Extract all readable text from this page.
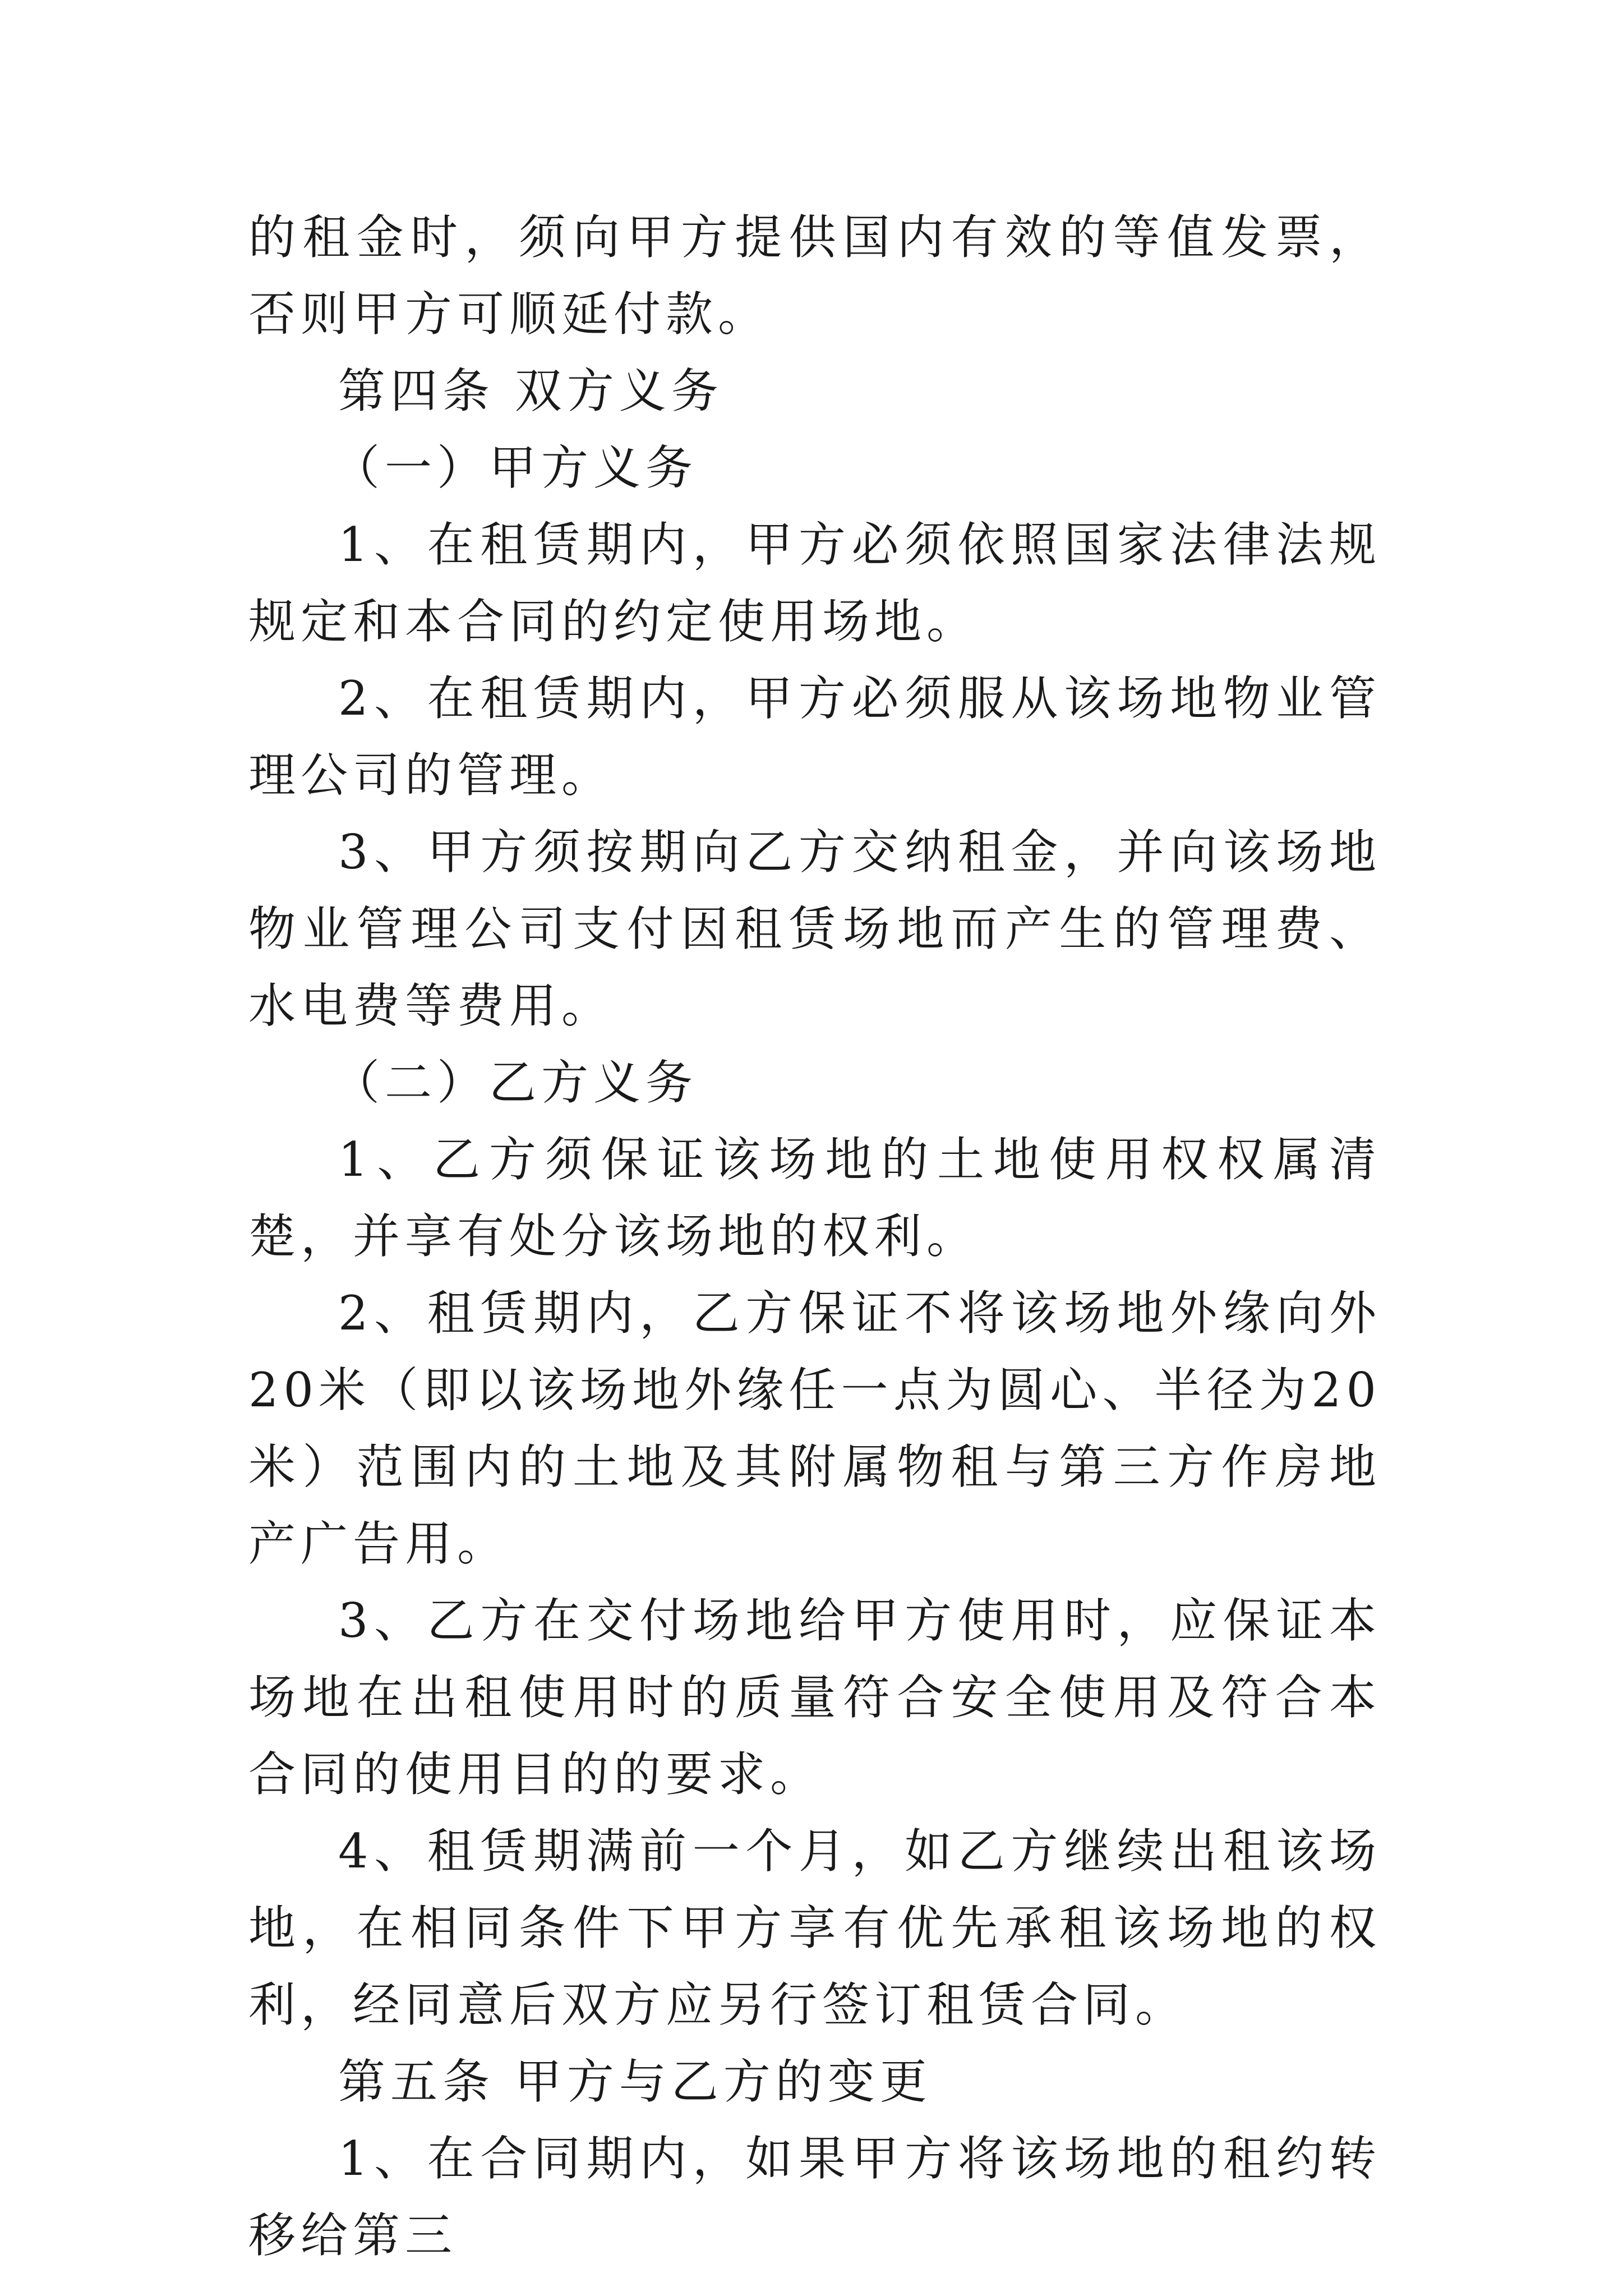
的租金时，须向甲方提供国内有效的等值发票，否则甲方可顺延付款。

第四条 双方义务

（一）甲方义务

1、在租赁期内，甲方必须依照国家法律法规规定和本合同的约定使用场地。

2、在租赁期内，甲方必须服从该场地物业管理公司的管理。

3、甲方须按期向乙方交纳租金，并向该场地物业管理公司支付因租赁场地而产生的管理费、水电费等费用。

（二）乙方义务

1、乙方须保证该场地的土地使用权权属清楚，并享有处分该场地的权利。

2、租赁期内，乙方保证不将该场地外缘向外20米（即以该场地外缘任一点为圆心、半径为20米）范围内的土地及其附属物租与第三方作房地产广告用。

3、乙方在交付场地给甲方使用时，应保证本场地在出租使用时的质量符合安全使用及符合本合同的使用目的的要求。

4、租赁期满前一个月，如乙方继续出租该场地，在相同条件下甲方享有优先承租该场地的权利，经同意后双方应另行签订租赁合同。

第五条 甲方与乙方的变更

1、在合同期内，如果甲方将该场地的租约转移给第三
